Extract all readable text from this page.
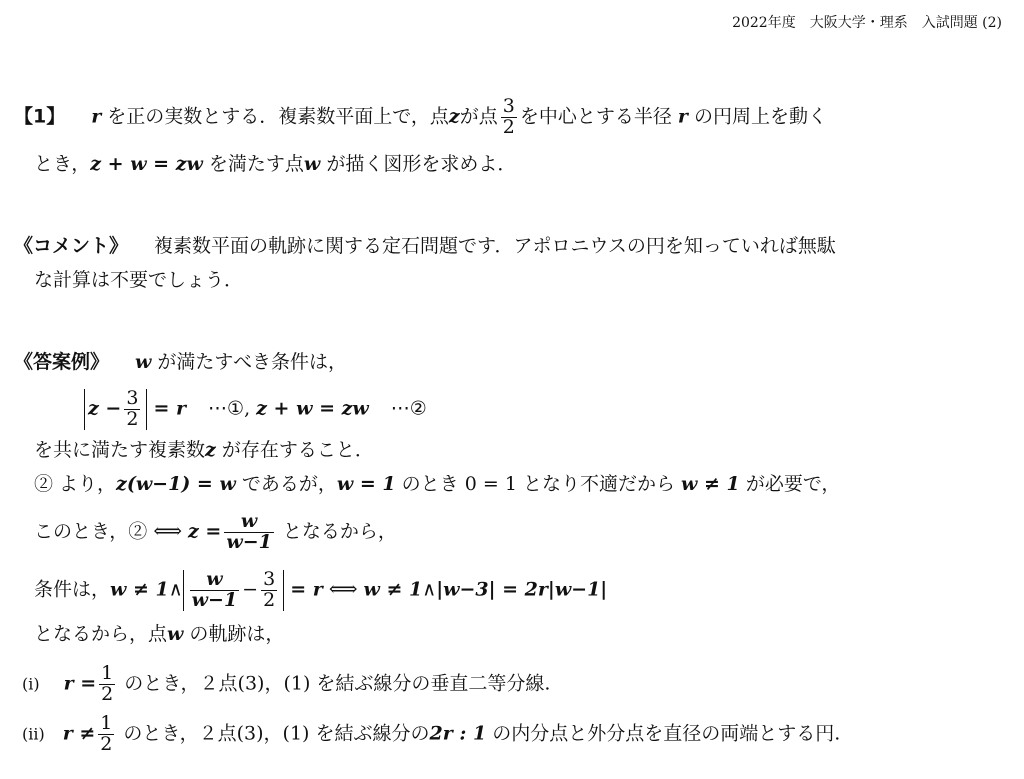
2022年度　大阪大学・理系　入試問題 (2)
【1】 r を正の実数とする．複素数平面上で，点zが点 $\frac{3}{2}$ を中心とする半径 r の円周上を動く
とき，z + w = zw を満たす点w が描く図形を求めよ．
《コメント》 複素数平面の軌跡に関する定石問題です．アポロニウスの円を知っていれば無駄
な計算は不要でしょう．
《答案例》 w が満たすべき条件は，
$z - \frac{3}{2} = r$ ⋯①, z + w = zw ⋯②
を共に満たす複素数z が存在すること．
② より，z(w−1) = w であるが，w = 1 のとき 0 = 1 となり不適だから w ≠ 1 が必要で，
このとき，② ⟺ $z = \frac{w}{w-1}$ となるから，
条件は，w ≠ 1∧ $\frac{w}{w-1} - \frac{3}{2} = r$ ⟺ w ≠ 1∧|w−3| = 2r|w−1|
となるから，点w の軌跡は，
(i) $r = \frac{1}{2}$ のとき，２点(3)，(1) を結ぶ線分の垂直二等分線.
(ii) $r \ne \frac{1}{2}$ のとき，２点(3)，(1) を結ぶ線分の2r : 1 の内分点と外分点を直径の両端とする円.
